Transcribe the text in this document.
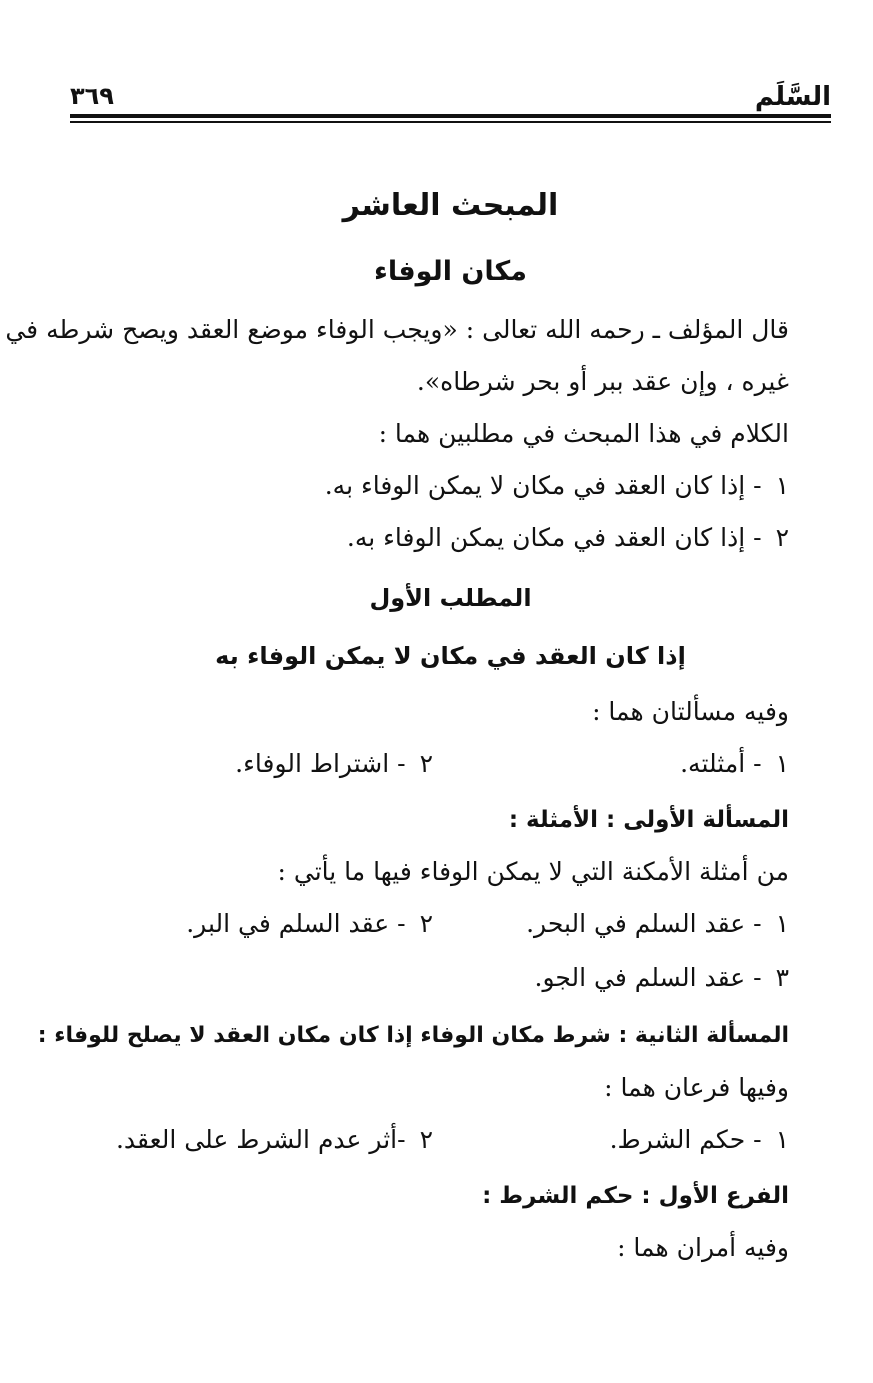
السَّلَم
٣٦٩
المبحث العاشر
مكان الوفاء
قال المؤلف ـ رحمه الله تعالى : «ويجب الوفاء موضع العقد ويصح شرطه في
غيره ، وإن عقد ببر أو بحر شرطاه».
الكلام في هذا المبحث في مطلبين هما :
١- إذا كان العقد في مكان لا يمكن الوفاء به.
٢- إذا كان العقد في مكان يمكن الوفاء به.
المطلب الأول
إذا كان العقد في مكان لا يمكن الوفاء به
وفيه مسألتان هما :
١- أمثلته.
٢- اشتراط الوفاء.
المسألة الأولى : الأمثلة :
من أمثلة الأمكنة التي لا يمكن الوفاء فيها ما يأتي :
١- عقد السلم في البحر.
٢- عقد السلم في البر.
٣- عقد السلم في الجو.
المسألة الثانية : شرط مكان الوفاء إذا كان مكان العقد لا يصلح للوفاء :
وفيها فرعان هما :
١- حكم الشرط.
٢-أثر عدم الشرط على العقد.
الفرع الأول : حكم الشرط :
وفيه أمران هما :
